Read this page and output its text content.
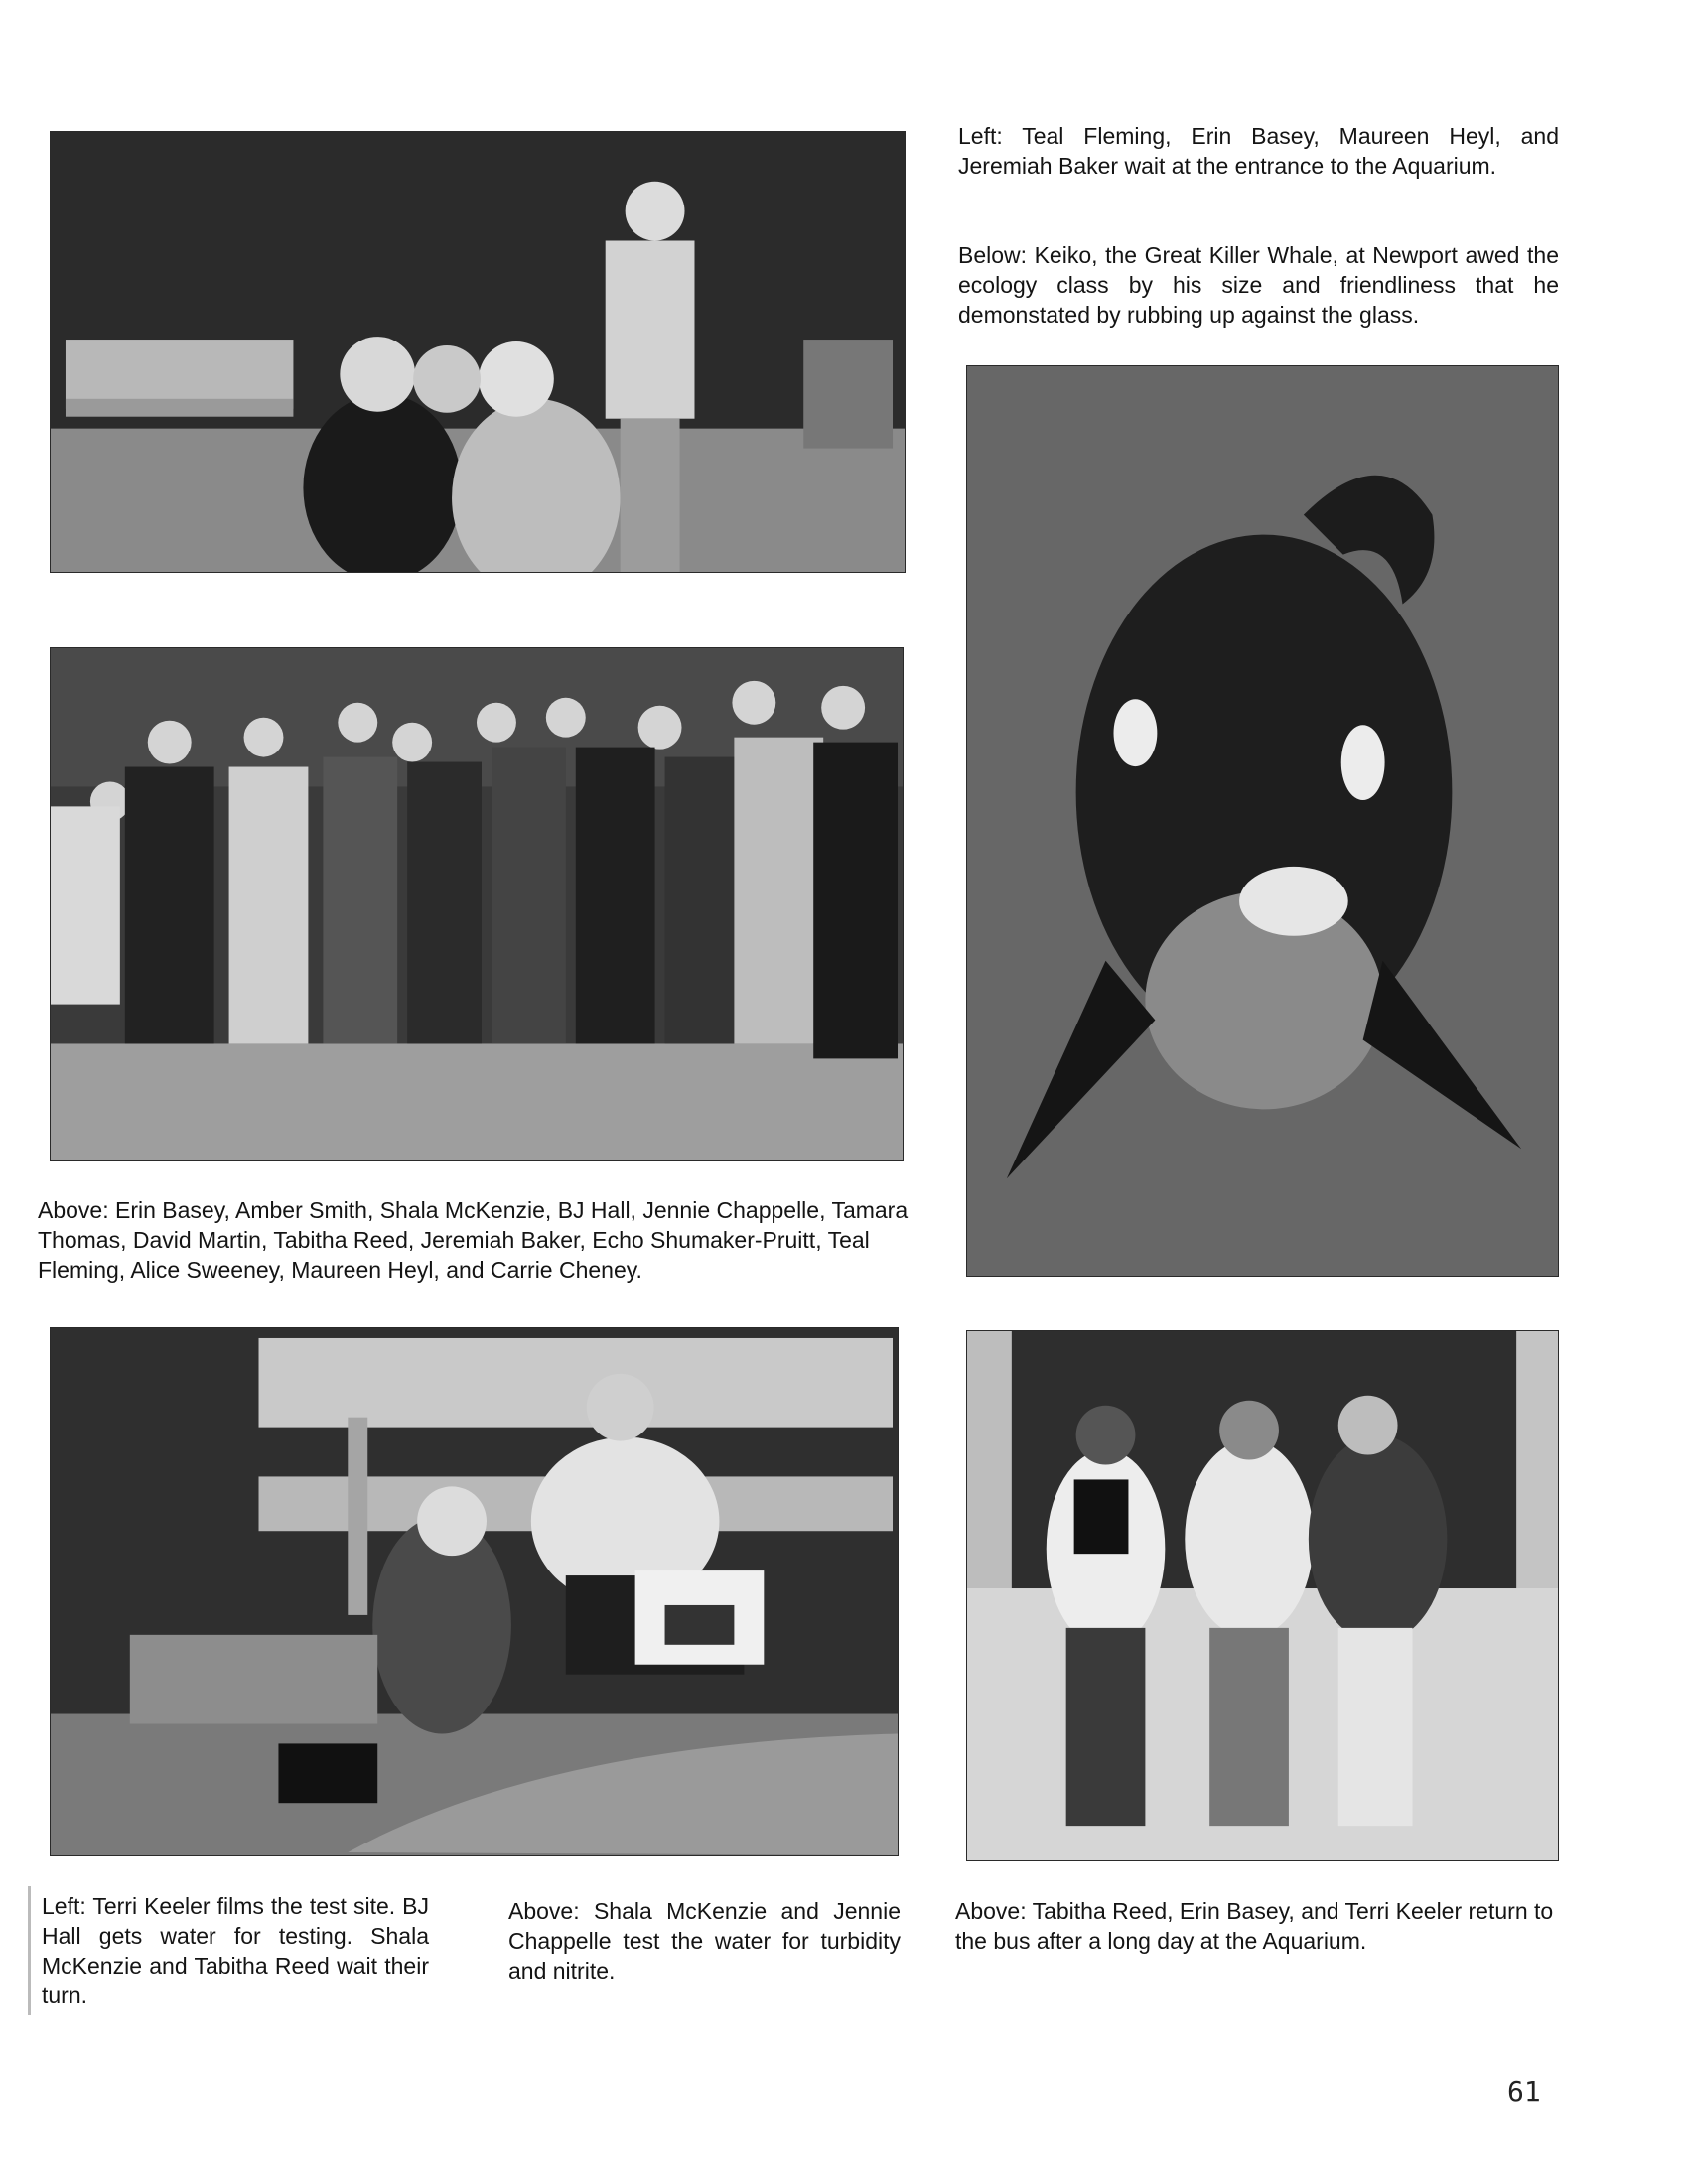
Left: Teal Fleming, Erin Basey, Maureen Heyl, and Jeremiah Baker wait at the entrance to the Aquarium.

Below: Keiko, the Great Killer Whale, at Newport awed the ecology class by his size and friendliness that he demonstated by rubbing up against the glass.

Above: Erin Basey, Amber Smith, Shala McKenzie, BJ Hall, Jennie Chappelle, Tamara Thomas, David Martin, Tabitha Reed, Jeremiah Baker, Echo Shumaker-Pruitt, Teal Fleming, Alice Sweeney, Maureen Heyl, and Carrie Cheney.

Left: Terri Keeler films the test site. BJ Hall gets water for testing. Shala McKenzie and Tabitha Reed wait their turn.

Above: Shala McKenzie and Jennie Chappelle test the water for turbidity and nitrite.

Above: Tabitha Reed, Erin Basey, and Terri Keeler return to the bus after a long day at the Aquarium.

61
